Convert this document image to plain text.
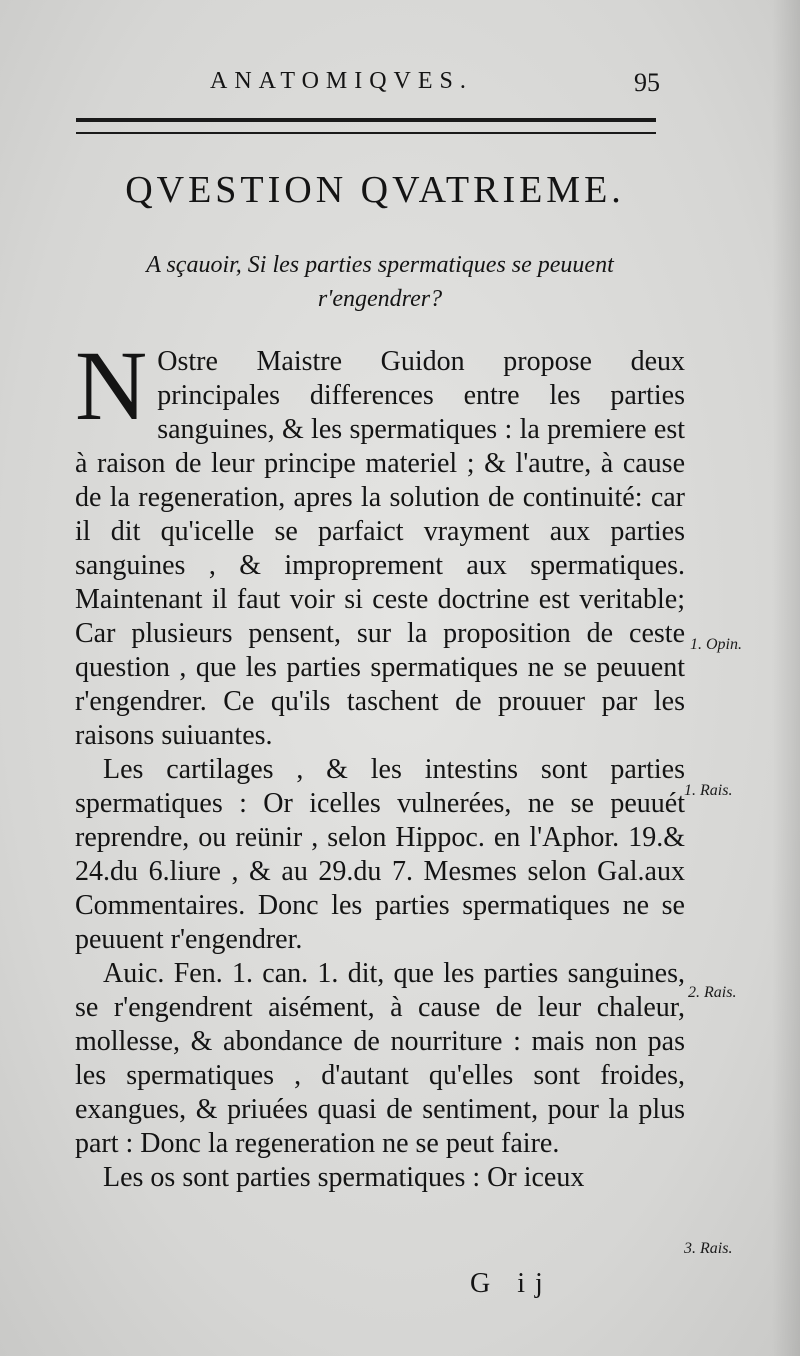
ANATOMIQVES.	95
QVESTION QVATRIEME.
A sçauoir, Si les parties spermatiques se peuuent r'engendrer?

N Ostre Maistre Guidon propose deux principales differences entre les parties sanguines, & les spermatiques : la premiere est à raison de leur principe materiel ; & l'autre, à cause de la regeneration, apres la solution de continuité: car il dit qu'icelle se parfaict vrayment aux parties sanguines , & improprement aux spermatiques. Maintenant il faut voir si ceste doctrine est veritable; Car plusieurs pensent, sur la proposition de ceste question , que les parties spermatiques ne se peuuent r'engendrer. Ce qu'ils taschent de prouuer par les raisons suiuantes.

Les cartilages , & les intestins sont parties spermatiques : Or icelles vulnerées, ne se peuuét reprendre, ou reünir , selon Hippoc. en l'Aphor. 19.& 24.du 6.liure , & au 29.du 7. Mesmes selon Gal.aux Commentaires. Donc les parties spermatiques ne se peuuent r'engendrer.

Auic. Fen. 1. can. 1. dit, que les parties sanguines, se r'engendrent aisément, à cause de leur chaleur, mollesse, & abondance de nourriture : mais non pas les spermatiques , d'autant qu'elles sont froides, exangues, & priuées quasi de sentiment, pour la plus part : Donc la regeneration ne se peut faire.

Les os sont parties spermatiques : Or iceux

1. Opin.
1. Rais.
2. Rais.
3. Rais.
G ij
